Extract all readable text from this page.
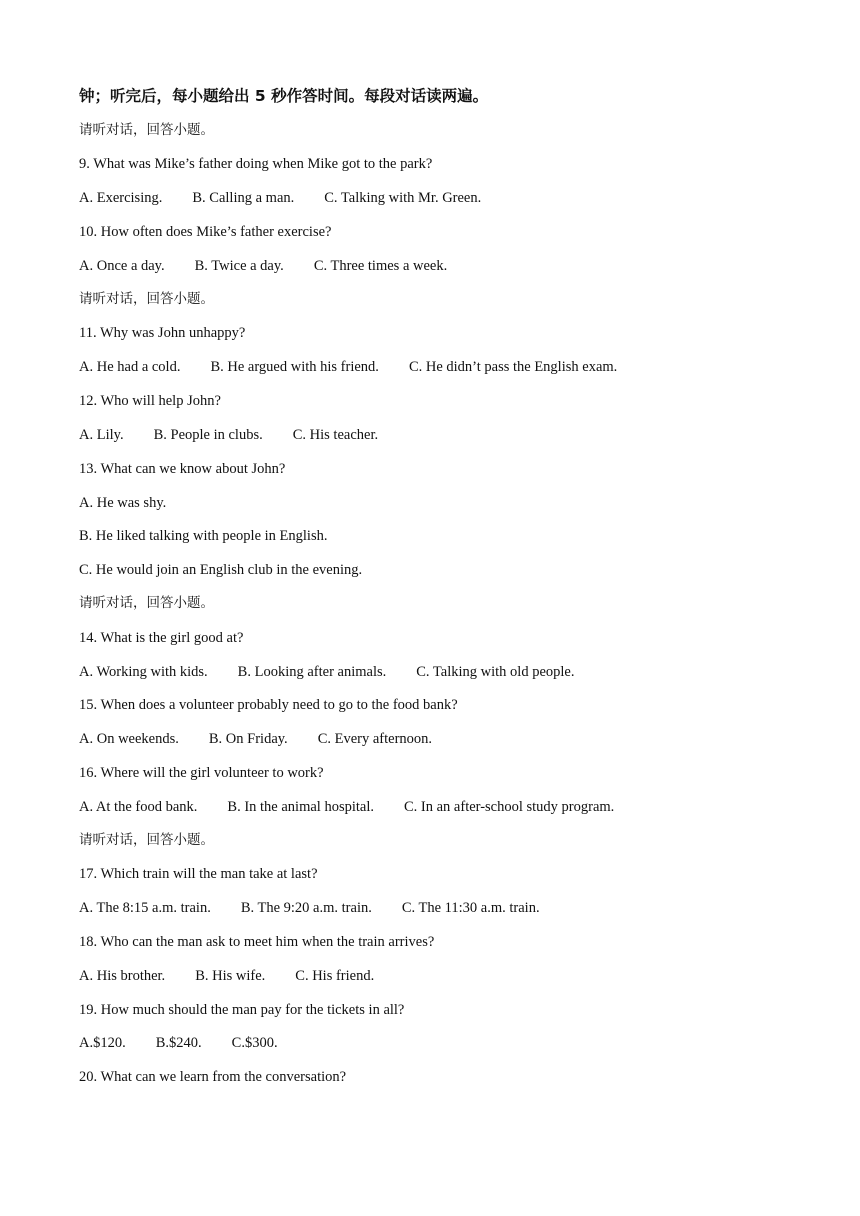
钟；听完后，每小题给出 5 秒作答时间。每段对话读两遍。
请听对话，回答小题。
9. What was Mike’s father doing when Mike got to the park?
A. Exercising. B. Calling a man. C. Talking with Mr. Green.
10. How often does Mike’s father exercise?
A. Once a day. B. Twice a day. C. Three times a week.
请听对话，回答小题。
11. Why was John unhappy?
A. He had a cold. B. He argued with his friend. C. He didn’t pass the English exam.
12. Who will help John?
A. Lily. B. People in clubs. C. His teacher.
13. What can we know about John?
A. He was shy.
B. He liked talking with people in English.
C. He would join an English club in the evening.
请听对话，回答小题。
14. What is the girl good at?
A. Working with kids. B. Looking after animals. C. Talking with old people.
15. When does a volunteer probably need to go to the food bank?
A. On weekends. B. On Friday. C. Every afternoon.
16. Where will the girl volunteer to work?
A. At the food bank. B. In the animal hospital. C. In an after-school study program.
请听对话，回答小题。
17. Which train will the man take at last?
A. The 8:15 a.m. train. B. The 9:20 a.m. train. C. The 11:30 a.m. train.
18. Who can the man ask to meet him when the train arrives?
A. His brother. B. His wife. C. His friend.
19. How much should the man pay for the tickets in all?
A.$120. B.$240. C.$300.
20. What can we learn from the conversation?
